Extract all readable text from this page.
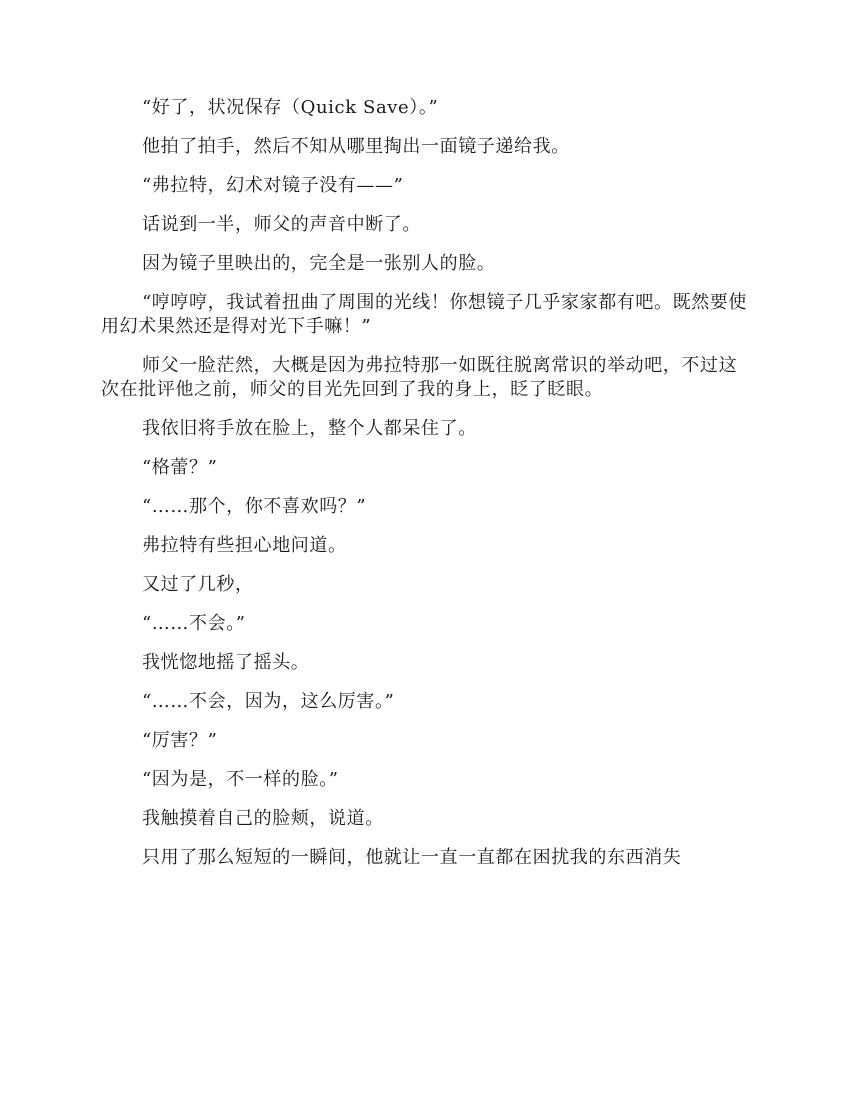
“好了，状况保存（Quick Save）。”

他拍了拍手，然后不知从哪里掏出一面镜子递给我。

“弗拉特，幻术对镜子没有——”

话说到一半，师父的声音中断了。

因为镜子里映出的，完全是一张别人的脸。

“哼哼哼，我试着扭曲了周围的光线！你想镜子几乎家家都有吧。既然要使用幻术果然还是得对光下手嘛！”

师父一脸茫然，大概是因为弗拉特那一如既往脱离常识的举动吧，不过这次在批评他之前，师父的目光先回到了我的身上，眨了眨眼。

我依旧将手放在脸上，整个人都呆住了。

“格蕾？”

“……那个，你不喜欢吗？”

弗拉特有些担心地问道。

又过了几秒，

“……不会。”

我恍惚地摇了摇头。

“……不会，因为，这么厉害。”

“厉害？”

“因为是，不一样的脸。”

我触摸着自己的脸颊，说道。

只用了那么短短的一瞬间，他就让一直一直都在困扰我的东西消失
